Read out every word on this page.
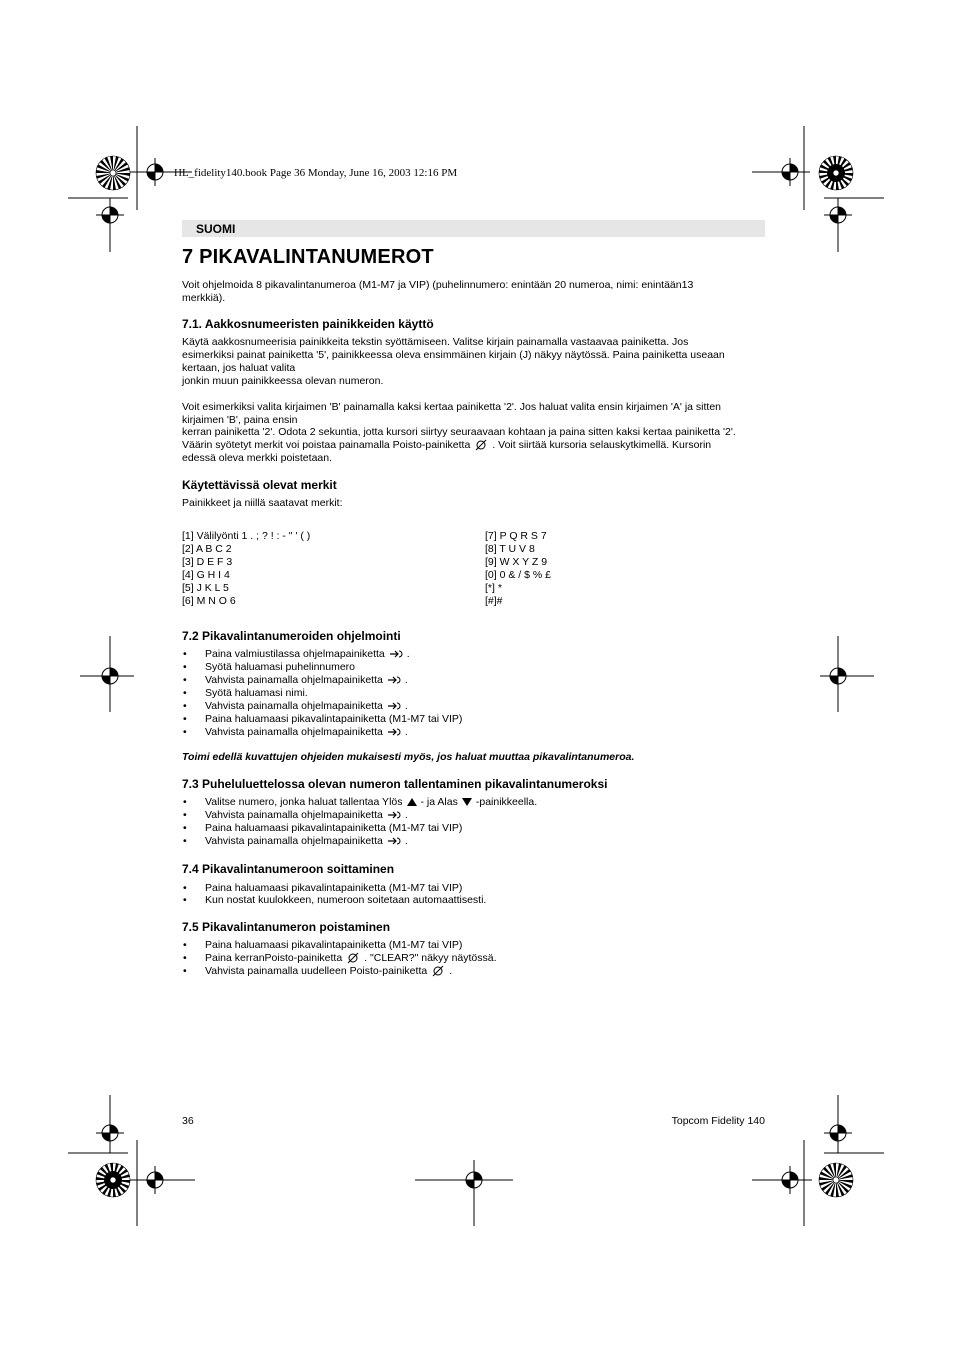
HL_fidelity140.book Page 36 Monday, June 16, 2003 12:16 PM
SUOMI
7 PIKAVALINTANUMEROT
Voit ohjelmoida 8 pikavalintanumeroa (M1-M7 ja VIP) (puhelinnumero: enintään 20 numeroa, nimi: enintään13
merkkiä).
7.1. Aakkosnumeeristen painikkeiden käyttö
Käytä aakkosnumeerisia painikkeita tekstin syöttämiseen. Valitse kirjain painamalla vastaavaa painiketta. Jos
esimerkiksi painat painiketta '5', painikkeessa oleva ensimmäinen kirjain (J) näkyy näytössä. Paina painiketta useaan
kertaan, jos haluat valita
jonkin muun painikkeessa olevan numeron.
Voit esimerkiksi valita kirjaimen 'B' painamalla kaksi kertaa painiketta '2'. Jos haluat valita ensin kirjaimen 'A' ja sitten
kirjaimen 'B', paina ensin
kerran painiketta '2'. Odota 2 sekuntia, jotta kursori siirtyy seuraavaan kohtaan ja paina sitten kaksi kertaa painiketta '2'.
Väärin syötetyt merkit voi poistaa painamalla Poisto-painiketta . Voit siirtää kursoria selauskytkimellä. Kursorin
edessä oleva merkki poistetaan.
Käytettävissä olevat merkit
Painikkeet ja niillä saatavat merkit:
[1] Välilyönti 1 . ; ? ! : - " ' ( )
[2] A B C 2
[3] D E F 3
[4] G H I 4
[5] J K L 5
[6] M N O 6
[7] P Q R S 7
[8] T U V 8
[9] W X Y Z 9
[0] 0 & / $ % £
[*] *
[#]#
7.2 Pikavalintanumeroiden ohjelmointi
• Paina valmiustilassa ohjelmapainiketta .
• Syötä haluamasi puhelinnumero
• Vahvista painamalla ohjelmapainiketta .
• Syötä haluamasi nimi.
• Vahvista painamalla ohjelmapainiketta .
• Paina haluamaasi pikavalintapainiketta (M1-M7 tai VIP)
• Vahvista painamalla ohjelmapainiketta .
Toimi edellä kuvattujen ohjeiden mukaisesti myös, jos haluat muuttaa pikavalintanumeroa.
7.3 Puheluluettelossa olevan numeron tallentaminen pikavalintanumeroksi
• Valitse numero, jonka haluat tallentaa Ylös - ja Alas -painikkeella.
• Vahvista painamalla ohjelmapainiketta .
• Paina haluamaasi pikavalintapainiketta (M1-M7 tai VIP)
• Vahvista painamalla ohjelmapainiketta .
7.4 Pikavalintanumeroon soittaminen
• Paina haluamaasi pikavalintapainiketta (M1-M7 tai VIP)
• Kun nostat kuulokkeen, numeroon soitetaan automaattisesti.
7.5 Pikavalintanumeron poistaminen
• Paina haluamaasi pikavalintapainiketta (M1-M7 tai VIP)
• Paina kerranPoisto-painiketta . "CLEAR?" näkyy näytössä.
• Vahvista painamalla uudelleen Poisto-painiketta .
36	Topcom Fidelity 140
